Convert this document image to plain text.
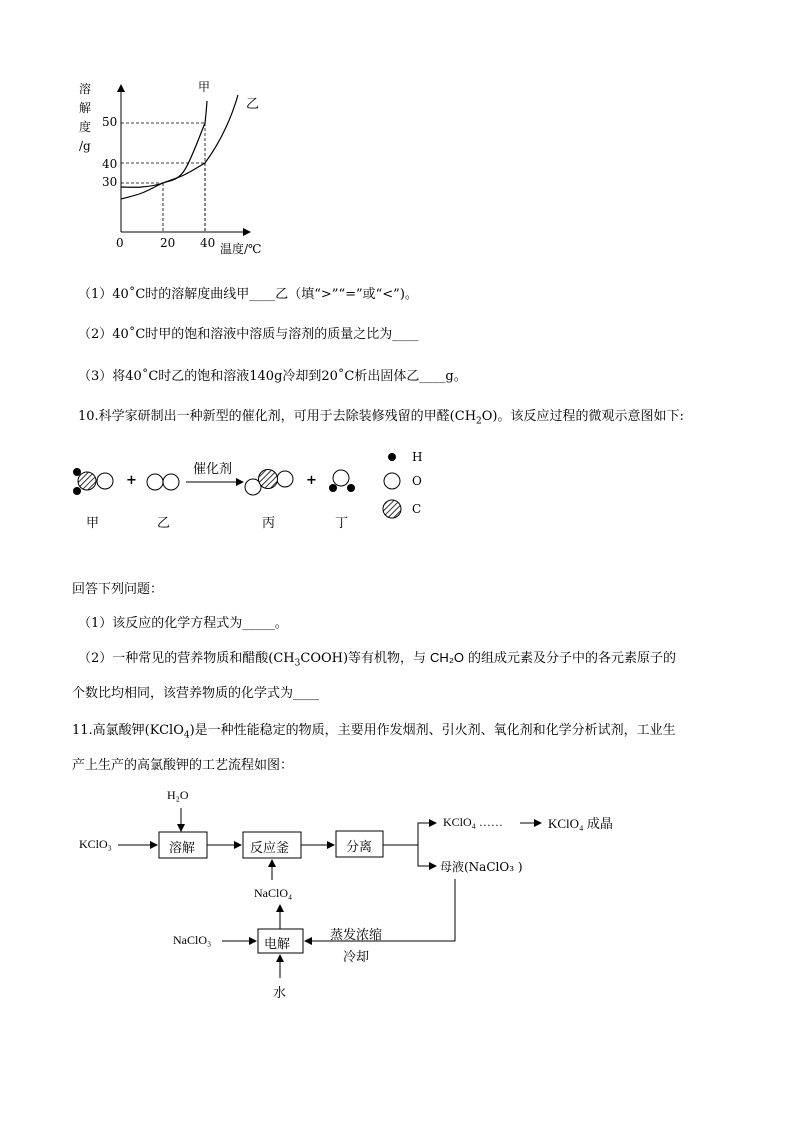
溶
解
度
/g
50
40
30
0	20 40 温度/℃
甲
乙
（1）40˚C时的溶解度曲线甲____乙（填“>”“=”或“<”)。
（2）40˚C时甲的饱和溶液中溶质与溶剂的质量之比为____
（3）将40˚C时乙的饱和溶液140g冷却到20˚C析出固体乙____g。
10.科学家研制出一种新型的催化剂，可用于去除装修残留的甲醛$(CH_2O)$。该反应过程的微观示意图如下:
催化剂
+	+
甲	乙	丙	丁
H
O
C
回答下列问题：
（1）该反应的化学方程式为_____。
（2）一种常见的营养物质和醋酸$(CH_3COOH)$等有机物，与 CH₂O 的组成元素及分子中的各元素原子的
个数比均相同，该营养物质的化学式为____
11.高氯酸钾(KClO$_4$)是一种性能稳定的物质，主要用作发烟剂、引火剂、氧化剂和化学分析试剂，工业生
产上生产的高氯酸钾的工艺流程如图：
H₂O
KClO₃	溶解	反应釜	分离
KClO₄ ……	KClO₄ 成晶
母液(NaClO₃ )
NaClO₄
NaClO₃	电解
蒸发浓缩
冷却
水
